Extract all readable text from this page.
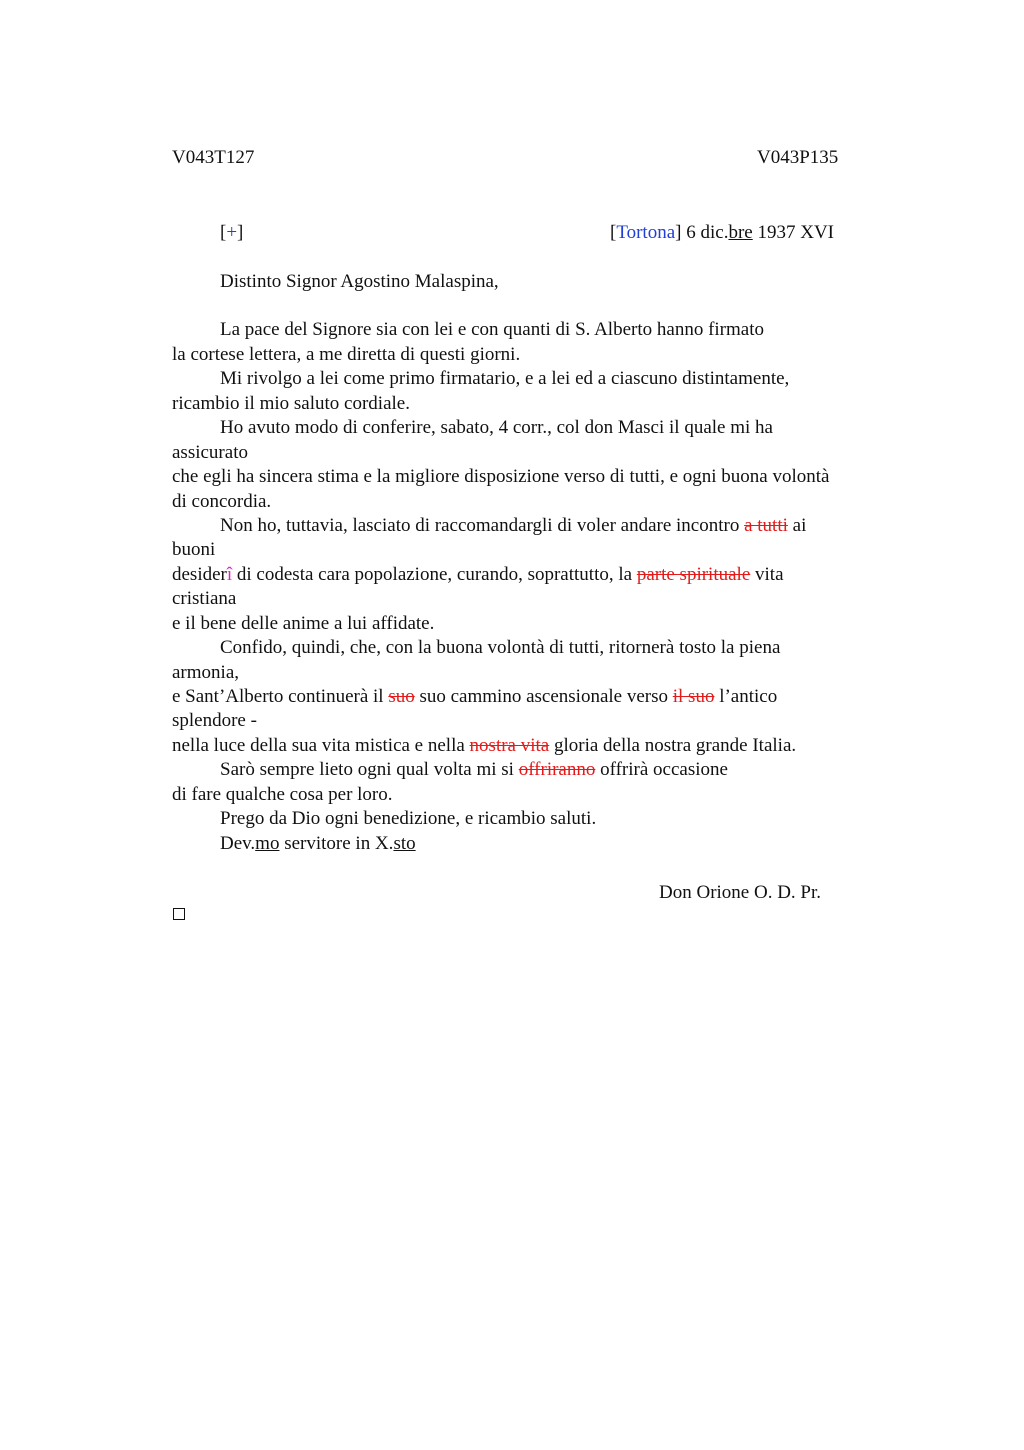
V043T127	V043P135
[+]	[Tortona] 6 dic.bre 1937 XVI
Distinto Signor Agostino Malaspina,
La pace del Signore sia con lei e con quanti di S. Alberto hanno firmato
la cortese lettera, a me diretta di questi giorni.
Mi rivolgo a lei come primo firmatario, e a lei ed a ciascuno distintamente,
ricambio il mio saluto cordiale.
Ho avuto modo di conferire, sabato, 4 corr., col don Masci il quale mi ha
assicurato
che egli ha sincera stima e la migliore disposizione verso di tutti, e ogni buona volontà
di concordia.
Non ho, tuttavia, lasciato di raccomandargli di voler andare incontro a tutti ai
buoni
desiderî di codesta cara popolazione, curando, soprattutto, la parte spirituale vita
cristiana
e il bene delle anime a lui affidate.
Confido, quindi, che, con la buona volontà di tutti, ritornerà tosto la piena
armonia,
e Sant’Alberto continuerà il suo suo cammino ascensionale verso il suo l’antico
splendore -
nella luce della sua vita mistica e nella nostra vita gloria della nostra grande Italia.
Sarò sempre lieto ogni qual volta mi si offriranno offrirà occasione
di fare qualche cosa per loro.
Prego da Dio ogni benedizione, e ricambio saluti.
Dev.mo servitore in X.sto
Don Orione O. D. Pr.
